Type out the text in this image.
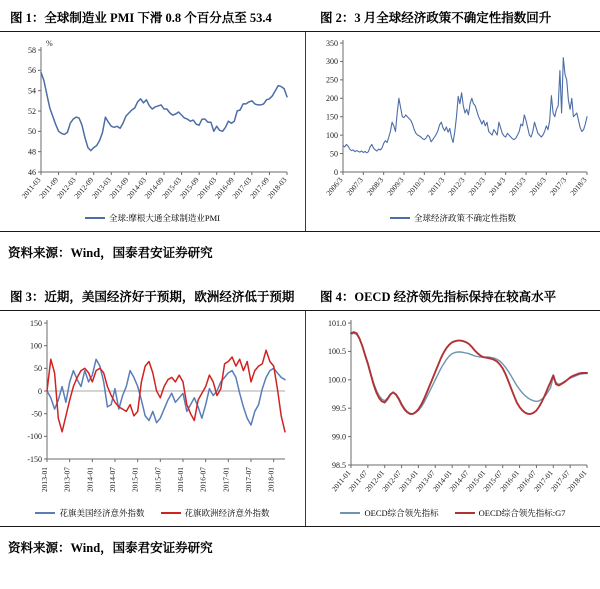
图 1：全球制造业 PMI 下滑 0.8 个百分点至 53.4	图 2：3 月全球经济政策不确定性指数回升
46
48
50
52
54
56
58
2011-03
2011-09
2012-03
2012-09
2013-03
2013-09
2014-03
2014-09
2015-03
2015-09
2016-03
2016-09
2017-03
2017-09
2018-03
%
全球:摩根大通全球制造业PMI
0
50
100
150
200
250
300
350
2006/3 2007/3 2008/3 2009/3 2010/3 2011/3 2012/3 2013/3 2014/3 2015/3 2016/3 2017/3 2018/3
全球经济政策不确定性指数
资料来源：Wind，国泰君安证券研究
图 3：近期，美国经济好于预期，欧洲经济低于预期	图 4：OECD 经济领先指标保持在较高水平
-150
-100
-50
0
50
100
150
2013-01 2013-07 2014-01 2014-07 2015-01 2015-07 2016-01 2016-07 2017-01 2017-07 2018-01
花旗美国经济意外指数	花旗欧洲经济意外指数
98.5
99.0
99.5
100.0
100.5
101.0
2011-01
2011-07
2012-01
2012-07
2013-01
2013-07
2014-01
2014-07
2015-01
2015-07
2016-01
2016-07
2017-01
2017-07
2018-01
OECD综合领先指标	OECD综合领先指标:G7
资料来源：Wind，国泰君安证券研究
